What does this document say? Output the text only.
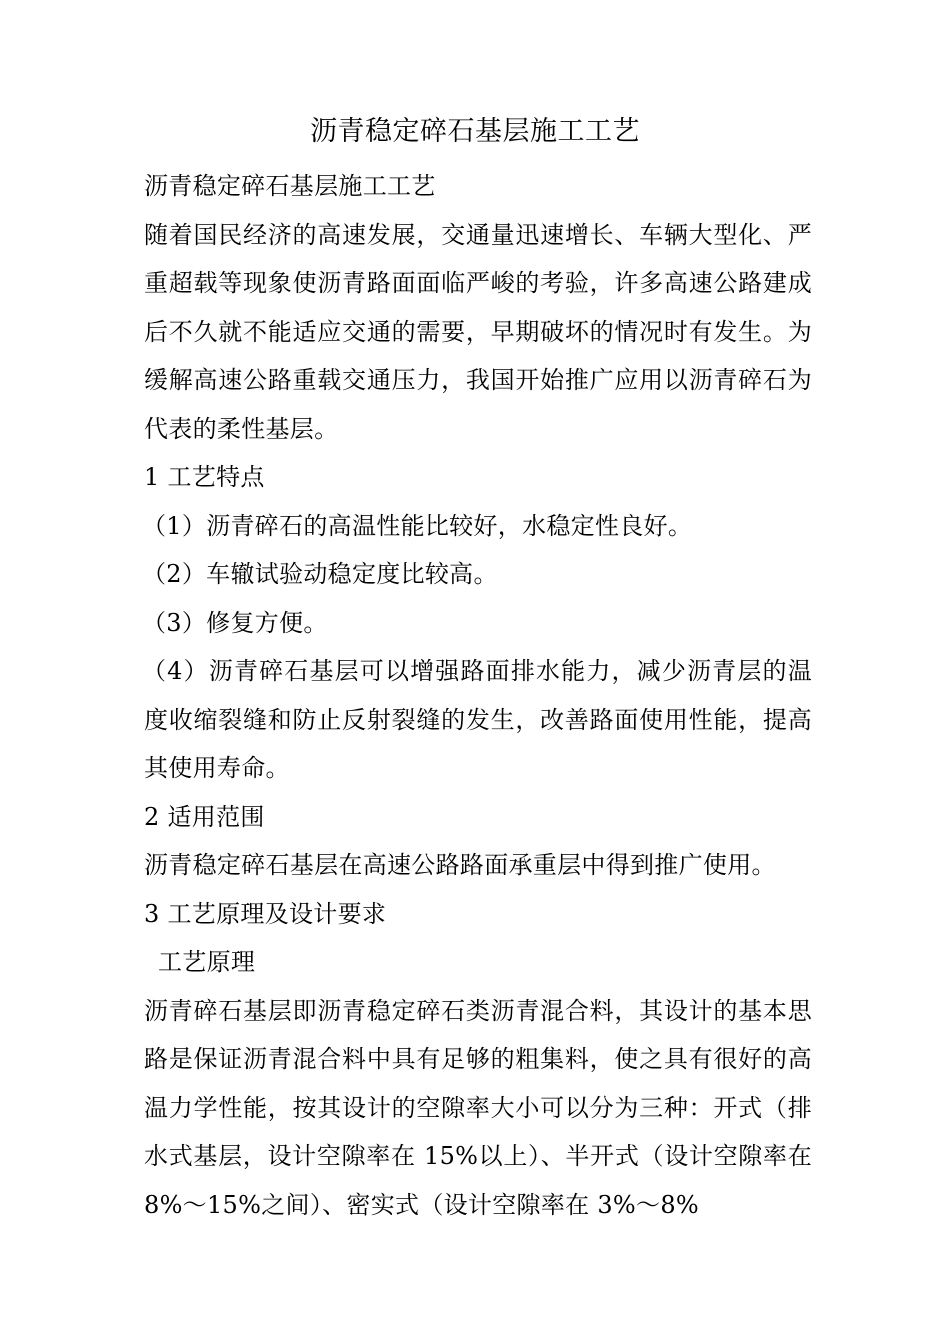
沥青稳定碎石基层施工工艺

沥青稳定碎石基层施工工艺

随着国民经济的高速发展，交通量迅速增长、车辆大型化、严重超载等现象使沥青路面面临严峻的考验，许多高速公路建成后不久就不能适应交通的需要，早期破坏的情况时有发生。为缓解高速公路重载交通压力，我国开始推广应用以沥青碎石为代表的柔性基层。

1 工艺特点

（1）沥青碎石的高温性能比较好，水稳定性良好。

（2）车辙试验动稳定度比较高。

（3）修复方便。

（4）沥青碎石基层可以增强路面排水能力，减少沥青层的温度收缩裂缝和防止反射裂缝的发生，改善路面使用性能，提高其使用寿命。

2 适用范围

沥青稳定碎石基层在高速公路路面承重层中得到推广使用。

3 工艺原理及设计要求

工艺原理

沥青碎石基层即沥青稳定碎石类沥青混合料，其设计的基本思路是保证沥青混合料中具有足够的粗集料，使之具有很好的高温力学性能，按其设计的空隙率大小可以分为三种：开式（排水式基层，设计空隙率在 15%以上）、半开式（设计空隙率在 8%～15%之间）、密实式（设计空隙率在 3%～8%
